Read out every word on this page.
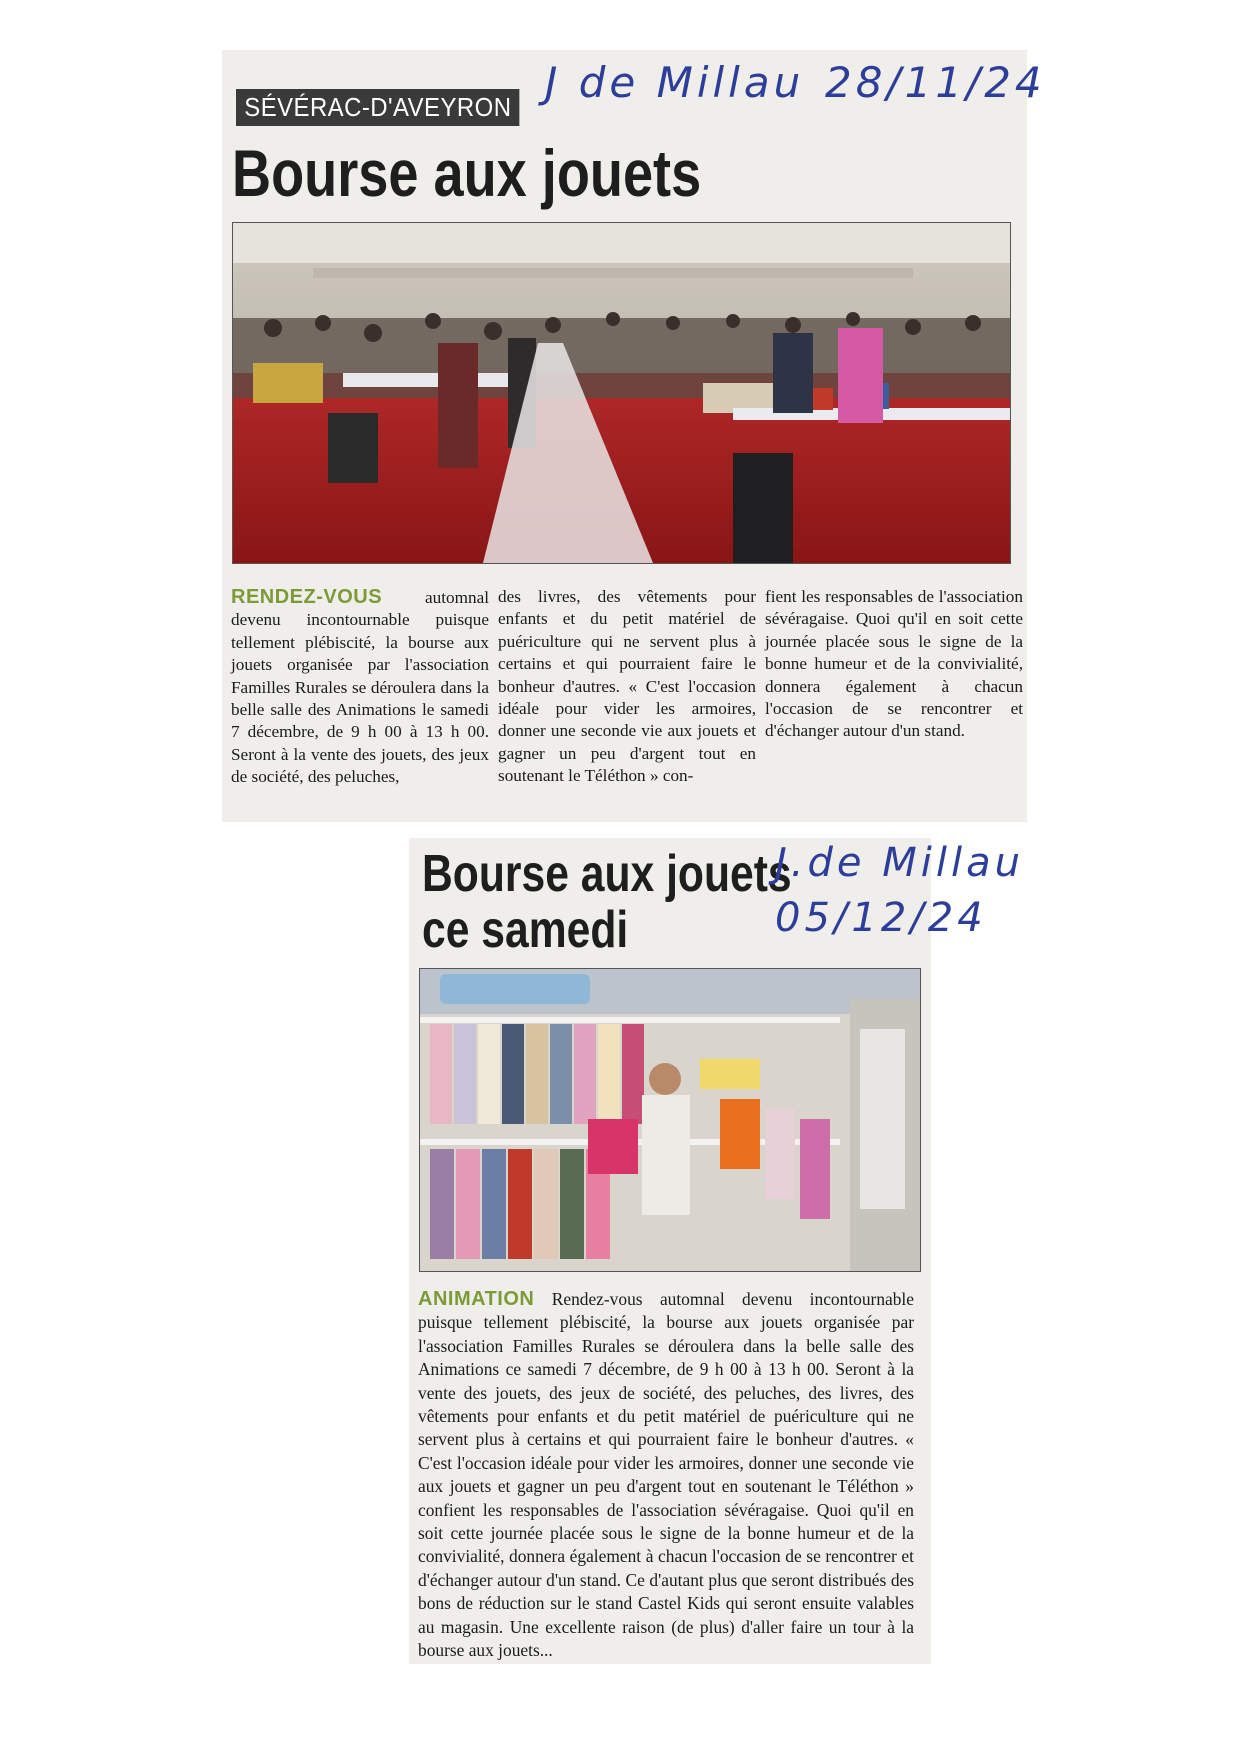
SÉVÉRAC-D'AVEYRON J de Millau 28/11/24
Bourse aux jouets
RENDEZ-VOUS automnal devenu incontournable puisque tellement plébiscité, la bourse aux jouets organisée par l'association Familles Rurales se déroulera dans la belle salle des Animations le samedi 7 décembre, de 9 h 00 à 13 h 00. Seront à la vente des jouets, des jeux de société, des peluches,
des livres, des vêtements pour enfants et du petit matériel de puériculture qui ne servent plus à certains et qui pourraient faire le bonheur d'autres. « C'est l'occasion idéale pour vider les armoires, donner une seconde vie aux jouets et gagner un peu d'argent tout en soutenant le Téléthon » con-
fient les responsables de l'association sévéragaise. Quoi qu'il en soit cette journée placée sous le signe de la bonne humeur et de la convivialité, donnera également à chacun l'occasion de se rencontrer et d'échanger autour d'un stand.
Bourse aux jouets
ce samedi
J.de Millau
05/12/24
ANIMATION Rendez-vous automnal devenu incontournable puisque tellement plébiscité, la bourse aux jouets organisée par l'association Familles Rurales se déroulera dans la belle salle des Animations ce samedi 7 décembre, de 9 h 00 à 13 h 00. Seront à la vente des jouets, des jeux de société, des peluches, des livres, des vêtements pour enfants et du petit matériel de puériculture qui ne servent plus à certains et qui pourraient faire le bonheur d'autres. « C'est l'occasion idéale pour vider les armoires, donner une seconde vie aux jouets et gagner un peu d'argent tout en soutenant le Téléthon » confient les responsables de l'association sévéragaise. Quoi qu'il en soit cette journée placée sous le signe de la bonne humeur et de la convivialité, donnera également à chacun l'occasion de se rencontrer et d'échanger autour d'un stand. Ce d'autant plus que seront distribués des bons de réduction sur le stand Castel Kids qui seront ensuite valables au magasin. Une excellente raison (de plus) d'aller faire un tour à la bourse aux jouets...
